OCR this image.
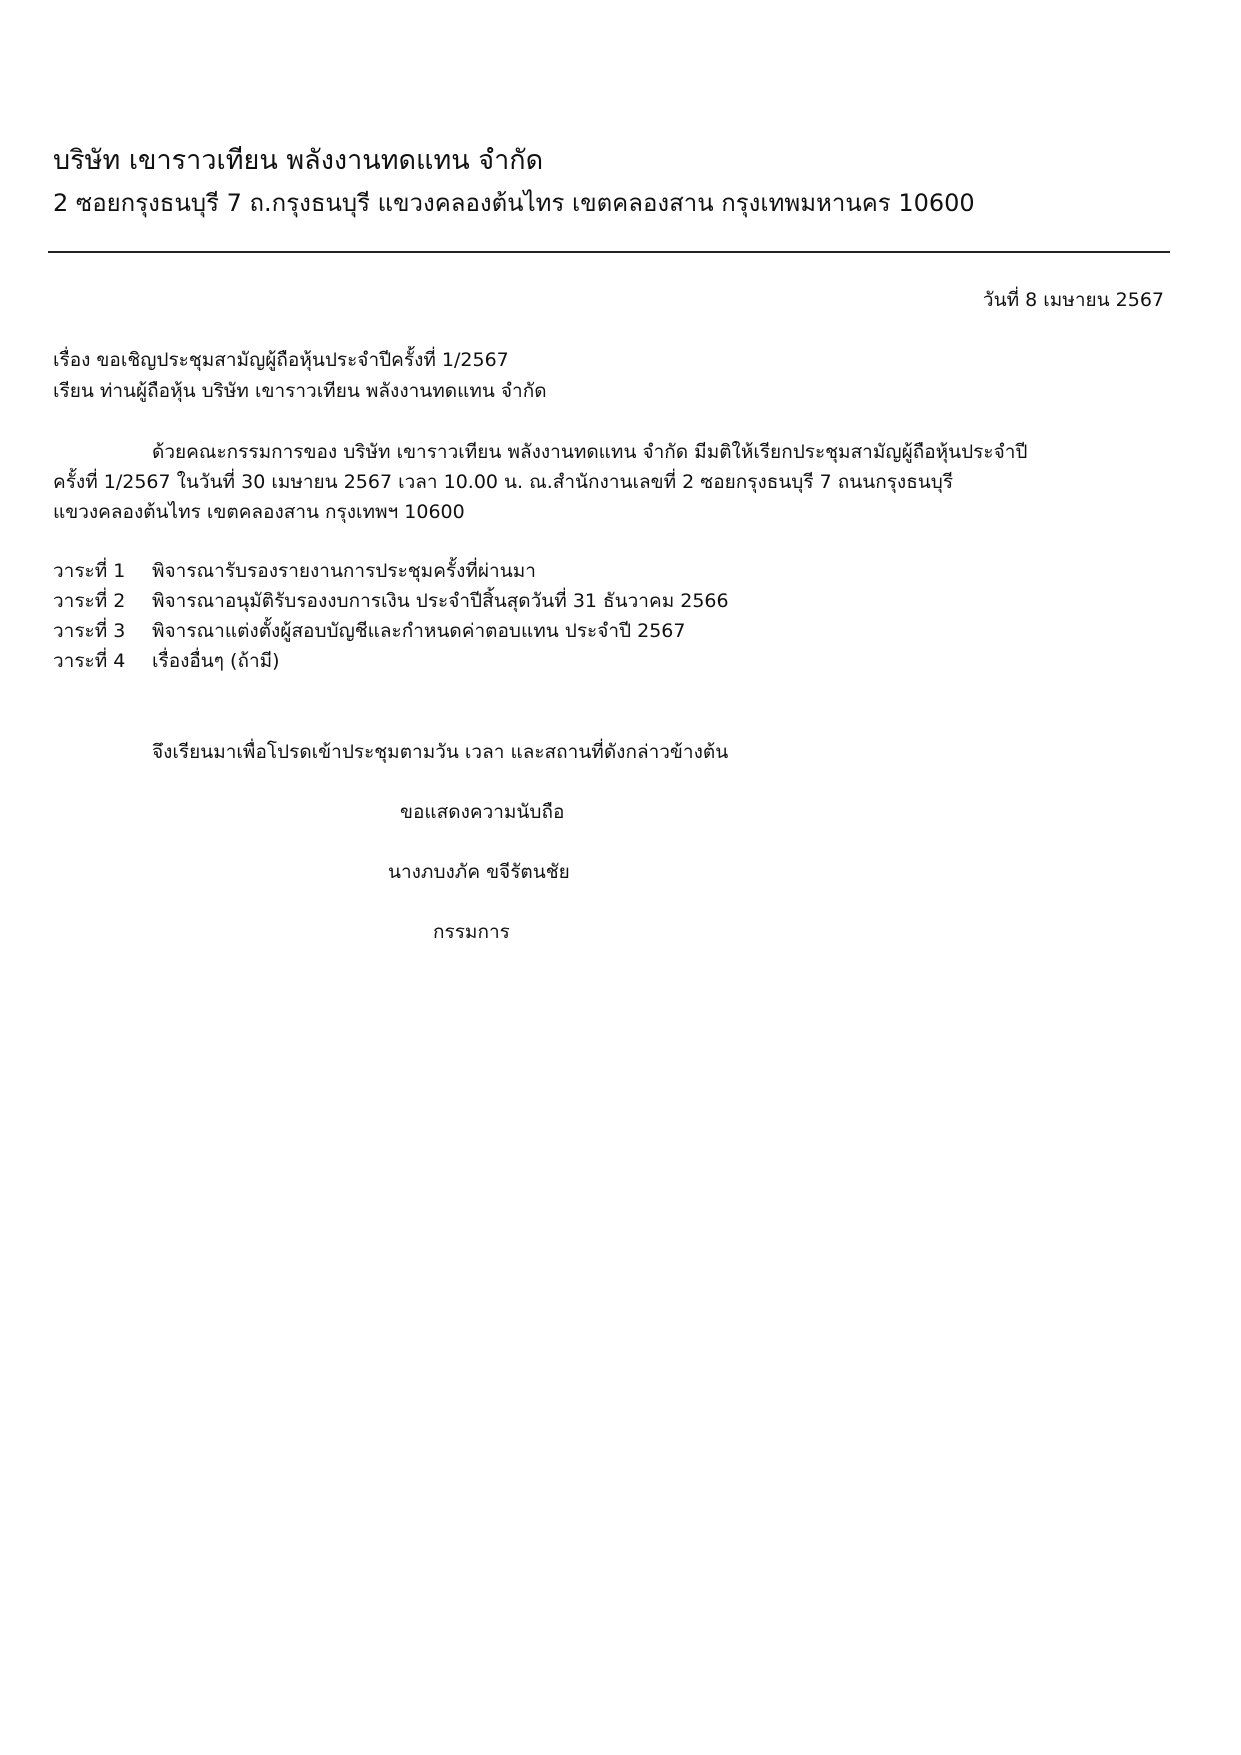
บริษัท เขาราวเทียน พลังงานทดแทน จำกัด
2 ซอยกรุงธนบุรี 7 ถ.กรุงธนบุรี แขวงคลองต้นไทร เขตคลองสาน กรุงเทพมหานคร 10600
วันที่ 8 เมษายน 2567
เรื่อง ขอเชิญประชุมสามัญผู้ถือหุ้นประจำปีครั้งที่ 1/2567
เรียน ท่านผู้ถือหุ้น บริษัท เขาราวเทียน พลังงานทดแทน จำกัด
ด้วยคณะกรรมการของ บริษัท เขาราวเทียน พลังงานทดแทน จำกัด มีมติให้เรียกประชุมสามัญผู้ถือหุ้นประจำปี
ครั้งที่ 1/2567 ในวันที่ 30 เมษายน 2567 เวลา 10.00 น. ณ.สำนักงานเลขที่ 2 ซอยกรุงธนบุรี 7 ถนนกรุงธนบุรี
แขวงคลองต้นไทร เขตคลองสาน กรุงเทพฯ 10600
วาระที่ 1	พิจารณารับรองรายงานการประชุมครั้งที่ผ่านมา
วาระที่ 2	พิจารณาอนุมัติรับรองงบการเงิน ประจำปีสิ้นสุดวันที่ 31 ธันวาคม 2566
วาระที่ 3	พิจารณาแต่งตั้งผู้สอบบัญชีและกำหนดค่าตอบแทน ประจำปี 2567
วาระที่ 4	เรื่องอื่นๆ (ถ้ามี)
จึงเรียนมาเพื่อโปรดเข้าประชุมตามวัน เวลา และสถานที่ดังกล่าวข้างต้น
ขอแสดงความนับถือ
นางภบงภัค ขจีรัตนชัย
กรรมการ
